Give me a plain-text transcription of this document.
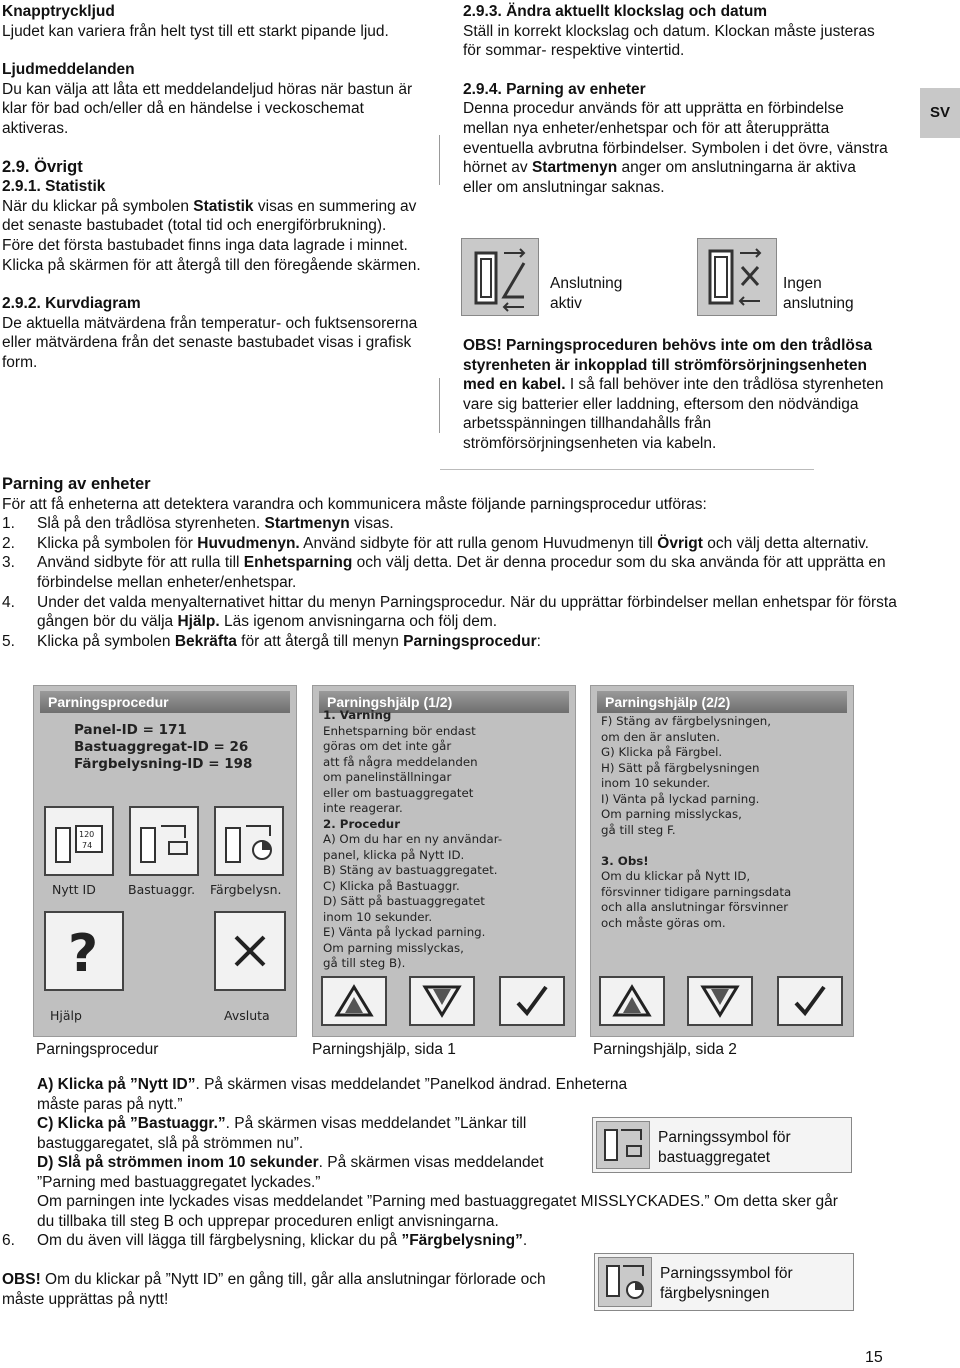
Knapptryckljud

Ljudet kan variera från helt tyst till ett starkt pipande ljud.

Ljudmeddelanden

Du kan välja att låta ett meddelandeljud höras när bastun är klar för bad och/eller då en händelse i veckoschemat aktiveras.

2.9. Övrigt

2.9.1. Statistik

När du klickar på symbolen Statistik visas en summering av det senaste bastubadet (total tid och energiförbrukning). Före det första bastubadet finns inga data lagrade i minnet. Klicka på skärmen för att återgå till den föregående skärmen.

2.9.2. Kurvdiagram

De aktuella mätvärdena från temperatur- och fuktsensorerna eller mätvärdena från det senaste bastubadet visas i grafisk form.

2.9.3. Ändra aktuellt klockslag och datum

Ställ in korrekt klockslag och datum. Klockan måste justeras för sommar- respektive vintertid.

2.9.4. Parning av enheter

Denna procedur används för att upprätta en förbindelse mellan nya enheter/enhetspar och för att återupprätta eventuella avbrutna förbindelser. Symbolen i det övre, vänstra hörnet av Startmenyn anger om anslutningarna är aktiva eller om anslutningar saknas.

Anslutning
aktiv
Ingen
anslutning
OBS! Parningsproceduren behövs inte om den trådlösa styrenheten är inkopplad till strömförsörjningsenheten med en kabel. I så fall behöver inte den trådlösa styrenheten vare sig batterier eller laddning, eftersom den nödvändiga arbetsspänningen tillhandahålls från strömförsörjningsenheten via kabeln.
SV

Parning av enheter

För att få enheterna att detektera varandra och kommunicera måste följande parningsprocedur utföras:

1. Slå på den trådlösa styrenheten. Startmenyn visas.
2. Klicka på symbolen för Huvudmenyn. Använd sidbyte för att rulla genom Huvudmenyn till Övrigt och välj detta alternativ.
3. Använd sidbyte för att rulla till Enhetsparning och välj detta. Det är denna procedur som du ska använda för att upprätta en förbindelse mellan enheter/enhetspar.
4. Under det valda menyalternativet hittar du menyn Parningsprocedur. När du upprättar förbindelser mellan enhetspar för första gången bör du välja Hjälp. Läs igenom anvisningarna och följ dem.
5. Klicka på symbolen Bekräfta för att återgå till menyn Parningsprocedur:
Parningsprocedur
Panel-ID = 171
Bastuaggregat-ID = 26
Färgbelysning-ID = 198
120
74
Nytt ID	Bastuaggr. Färgbelysn.
?
Hjälp	Avsluta
Parningshjälp (1/2)
1. Varning
Enhetsparning bör endast
göras om det inte går
att få några meddelanden
om panelinställningar
eller om bastuaggregatet
inte reagerar.
2. Procedur
A) Om du har en ny användar-
panel, klicka på Nytt ID.
B) Stäng av bastuaggregatet.
C) Klicka på Bastuaggr.
D) Sätt på bastuaggregatet
inom 10 sekunder.
E) Vänta på lyckad parning.
Om parning misslyckas,
gå till steg B).
Parningshjälp (2/2)
F) Stäng av färgbelysningen,
om den är ansluten.
G) Klicka på Färgbel.
H) Sätt på färgbelysningen
inom 10 sekunder.
I) Vänta på lyckad parning.
Om parning misslyckas,
gå till steg F.

3. Obs!
Om du klickar på Nytt ID,
försvinner tidigare parningsdata
och alla anslutningar försvinner
och måste göras om.
Parningsprocedur	Parningshjälp, sida 1	Parningshjälp, sida 2
A) Klicka på ”Nytt ID”. På skärmen visas meddelandet ”Panelkod ändrad. Enheterna måste paras på nytt.”
C) Klicka på ”Bastuaggr.”. På skärmen visas meddelandet ”Länkar till bastuggaregatet, slå på strömmen nu”.
D) Slå på strömmen inom 10 sekunder. På skärmen visas meddelandet ”Parning med bastuaggregatet lyckades.”
Om parningen inte lyckades visas meddelandet ”Parning med bastuaggregatet MISSLYCKADES.” Om detta sker går du tillbaka till steg B och upprepar proceduren enligt anvisningarna.
6.	Om du även vill lägga till färgbelysning, klickar du på ”Färgbelysning”.
OBS! Om du klickar på ”Nytt ID” en gång till, går alla anslutningar förlorade och måste upprättas på nytt!
Parningssymbol för
bastuaggregatet
Parningssymbol för
färgbelysningen
15
